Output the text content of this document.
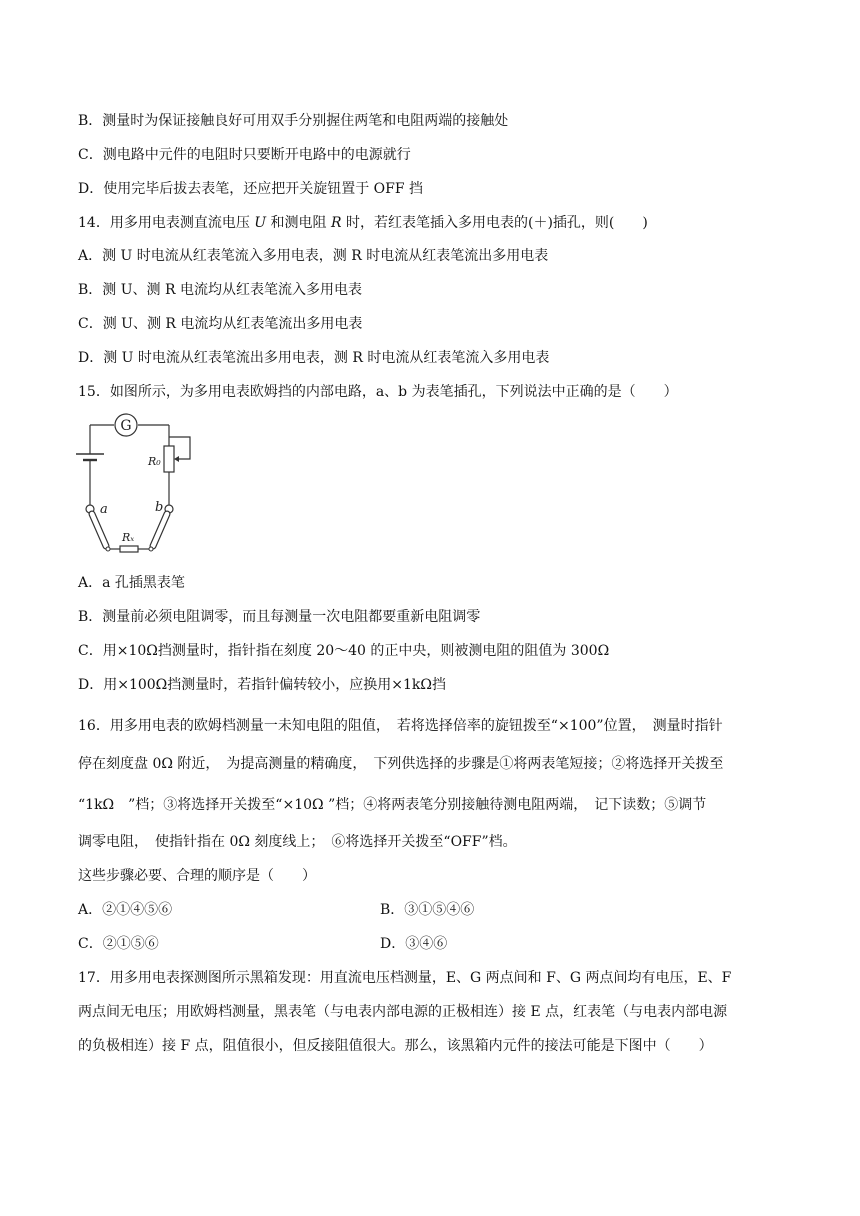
B．测量时为保证接触良好可用双手分别握住两笔和电阻两端的接触处
C．测电路中元件的电阻时只要断开电路中的电源就行
D．使用完毕后拔去表笔，还应把开关旋钮置于 OFF 挡
14．用多用电表测直流电压 U 和测电阻 R 时，若红表笔插入多用电表的(＋)插孔，则(　　)
A．测 U 时电流从红表笔流入多用电表，测 R 时电流从红表笔流出多用电表
B．测 U、测 R 电流均从红表笔流入多用电表
C．测 U、测 R 电流均从红表笔流出多用电表
D．测 U 时电流从红表笔流出多用电表，测 R 时电流从红表笔流入多用电表
15．如图所示，为多用电表欧姆挡的内部电路，a、b 为表笔插孔，下列说法中正确的是（　　）
G
R₀
a	b
Rₓ
A．a 孔插黑表笔
B．测量前必须电阻调零，而且每测量一次电阻都要重新电阻调零
C．用×10Ω挡测量时，指针指在刻度 20～40 的正中央，则被测电阻的阻值为 300Ω
D．用×100Ω挡测量时，若指针偏转较小，应换用×1kΩ挡
16．用多用电表的欧姆档测量一未知电阻的阻值，　若将选择倍率的旋钮拨至“×100”位置，　测量时指针
停在刻度盘 0Ω 附近，　为提高测量的精确度，　下列供选择的步骤是①将两表笔短接；②将选择开关拨至
“1kΩ　”档；③将选择开关拨至“×10Ω ”档；④将两表笔分别接触待测电阻两端，　记下读数；⑤调节
调零电阻，　使指针指在 0Ω 刻度线上；　⑥将选择开关拨至“OFF”档。
这些步骤必要、合理的顺序是（　　）
A．②①④⑤⑥	B．③①⑤④⑥
C．②①⑤⑥	D．③④⑥
17．用多用电表探测图所示黑箱发现：用直流电压档测量，E、G 两点间和 F、G 两点间均有电压，E、F
两点间无电压；用欧姆档测量，黑表笔（与电表内部电源的正极相连）接 E 点，红表笔（与电表内部电源
的负极相连）接 F 点，阻值很小，但反接阻值很大。那么，该黑箱内元件的接法可能是下图中（　　）
